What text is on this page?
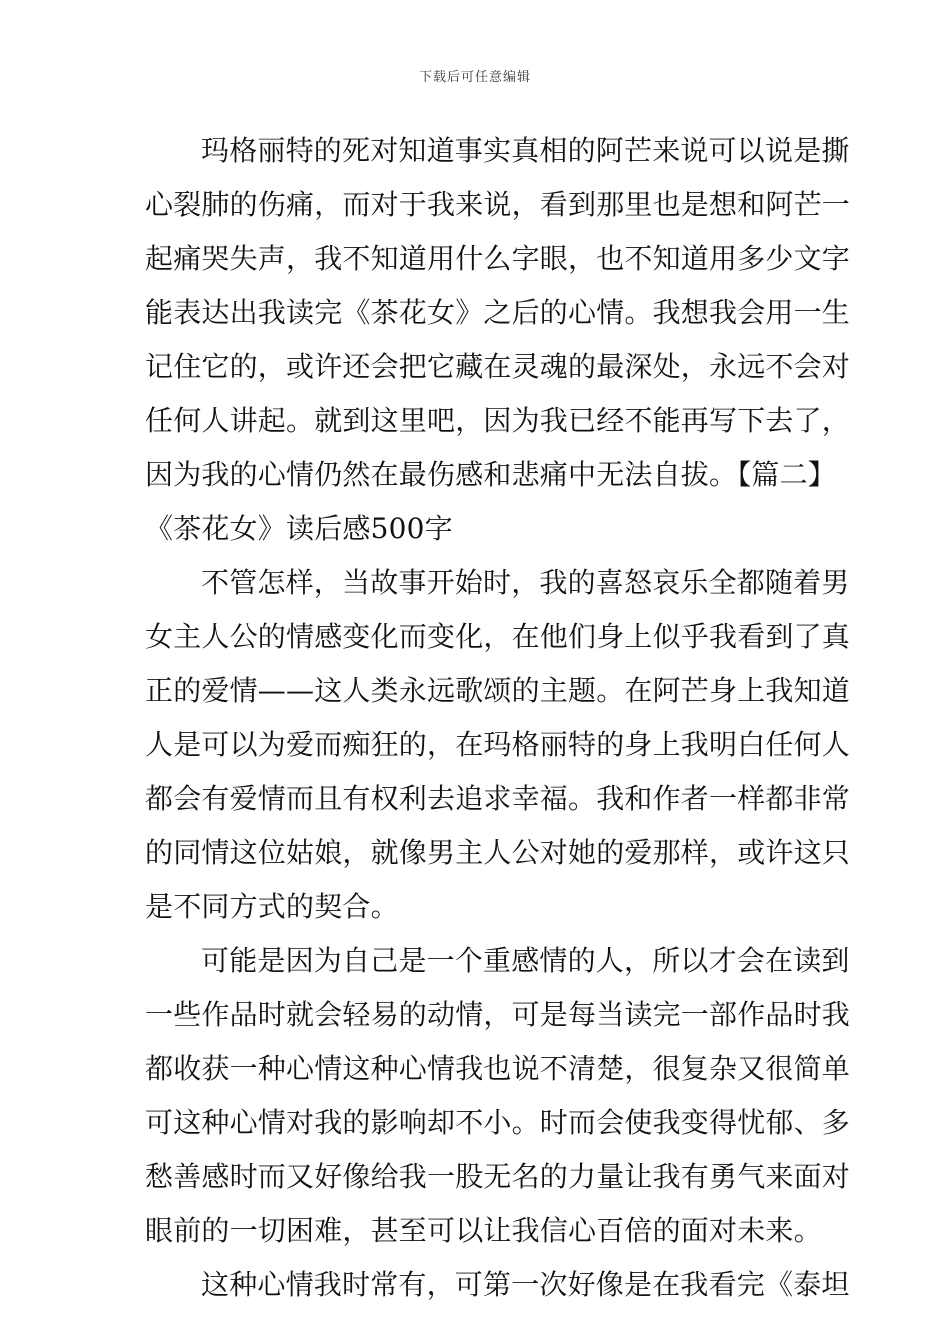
下载后可任意编辑
玛格丽特的死对知道事实真相的阿芒来说可以说是撕
心裂肺的伤痛，而对于我来说，看到那里也是想和阿芒一
起痛哭失声，我不知道用什么字眼，也不知道用多少文字
能表达出我读完《茶花女》之后的心情。我想我会用一生
记住它的，或许还会把它藏在灵魂的最深处，永远不会对
任何人讲起。就到这里吧，因为我已经不能再写下去了，
因为我的心情仍然在最伤感和悲痛中无法自拔。【篇二】
《茶花女》读后感500字
不管怎样，当故事开始时，我的喜怒哀乐全都随着男
女主人公的情感变化而变化，在他们身上似乎我看到了真
正的爱情——这人类永远歌颂的主题。在阿芒身上我知道
人是可以为爱而痴狂的，在玛格丽特的身上我明白任何人
都会有爱情而且有权利去追求幸福。我和作者一样都非常
的同情这位姑娘，就像男主人公对她的爱那样，或许这只
是不同方式的契合。
可能是因为自己是一个重感情的人，所以才会在读到
一些作品时就会轻易的动情，可是每当读完一部作品时我
都收获一种心情这种心情我也说不清楚，很复杂又很简单
可这种心情对我的影响却不小。时而会使我变得忧郁、多
愁善感时而又好像给我一股无名的力量让我有勇气来面对
眼前的一切困难，甚至可以让我信心百倍的面对未来。
这种心情我时常有，可第一次好像是在我看完《泰坦
